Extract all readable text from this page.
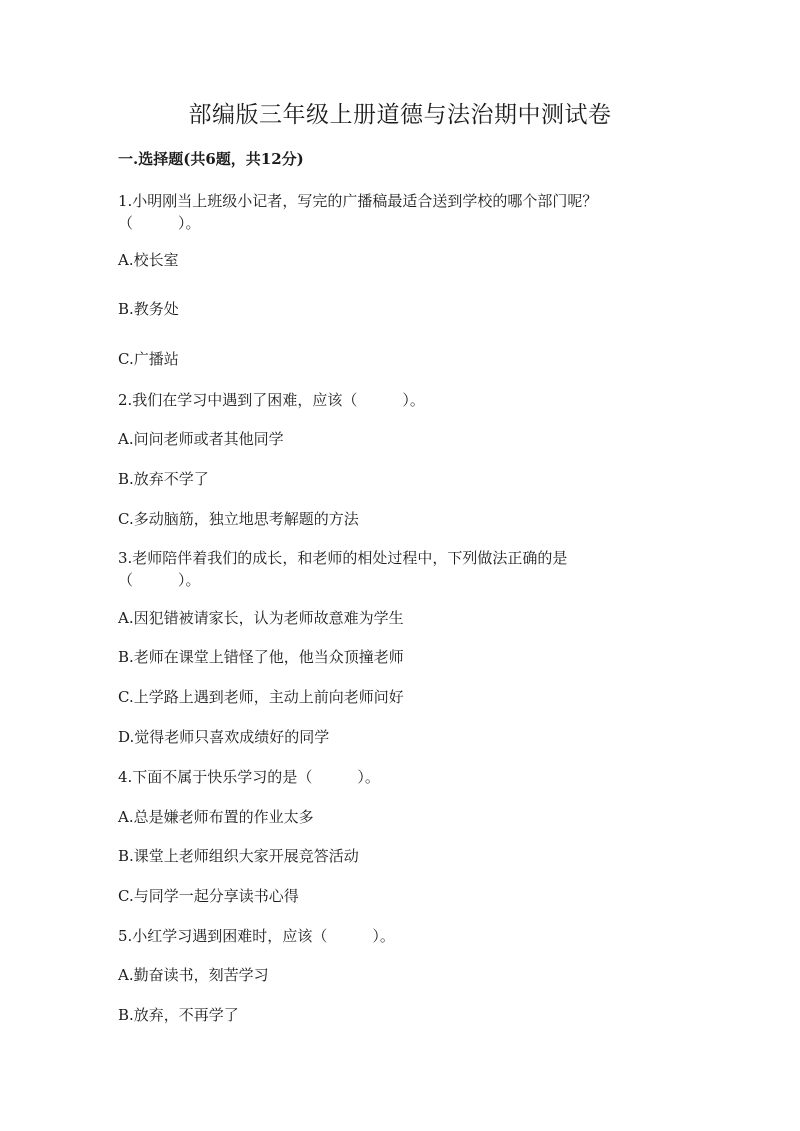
部编版三年级上册道德与法治期中测试卷
一.选择题(共6题，共12分)
1.小明刚当上班级小记者，写完的广播稿最适合送到学校的哪个部门呢？
（　　　）。
A.校长室
B.教务处
C.广播站
2.我们在学习中遇到了困难，应该（　　　）。
A.问问老师或者其他同学
B.放弃不学了
C.多动脑筋，独立地思考解题的方法
3.老师陪伴着我们的成长，和老师的相处过程中，下列做法正确的是
（　　　）。
A.因犯错被请家长，认为老师故意难为学生
B.老师在课堂上错怪了他，他当众顶撞老师
C.上学路上遇到老师，主动上前向老师问好
D.觉得老师只喜欢成绩好的同学
4.下面不属于快乐学习的是（　　　）。
A.总是嫌老师布置的作业太多
B.课堂上老师组织大家开展竞答活动
C.与同学一起分享读书心得
5.小红学习遇到困难时，应该（　　　）。
A.勤奋读书，刻苦学习
B.放弃，不再学了
